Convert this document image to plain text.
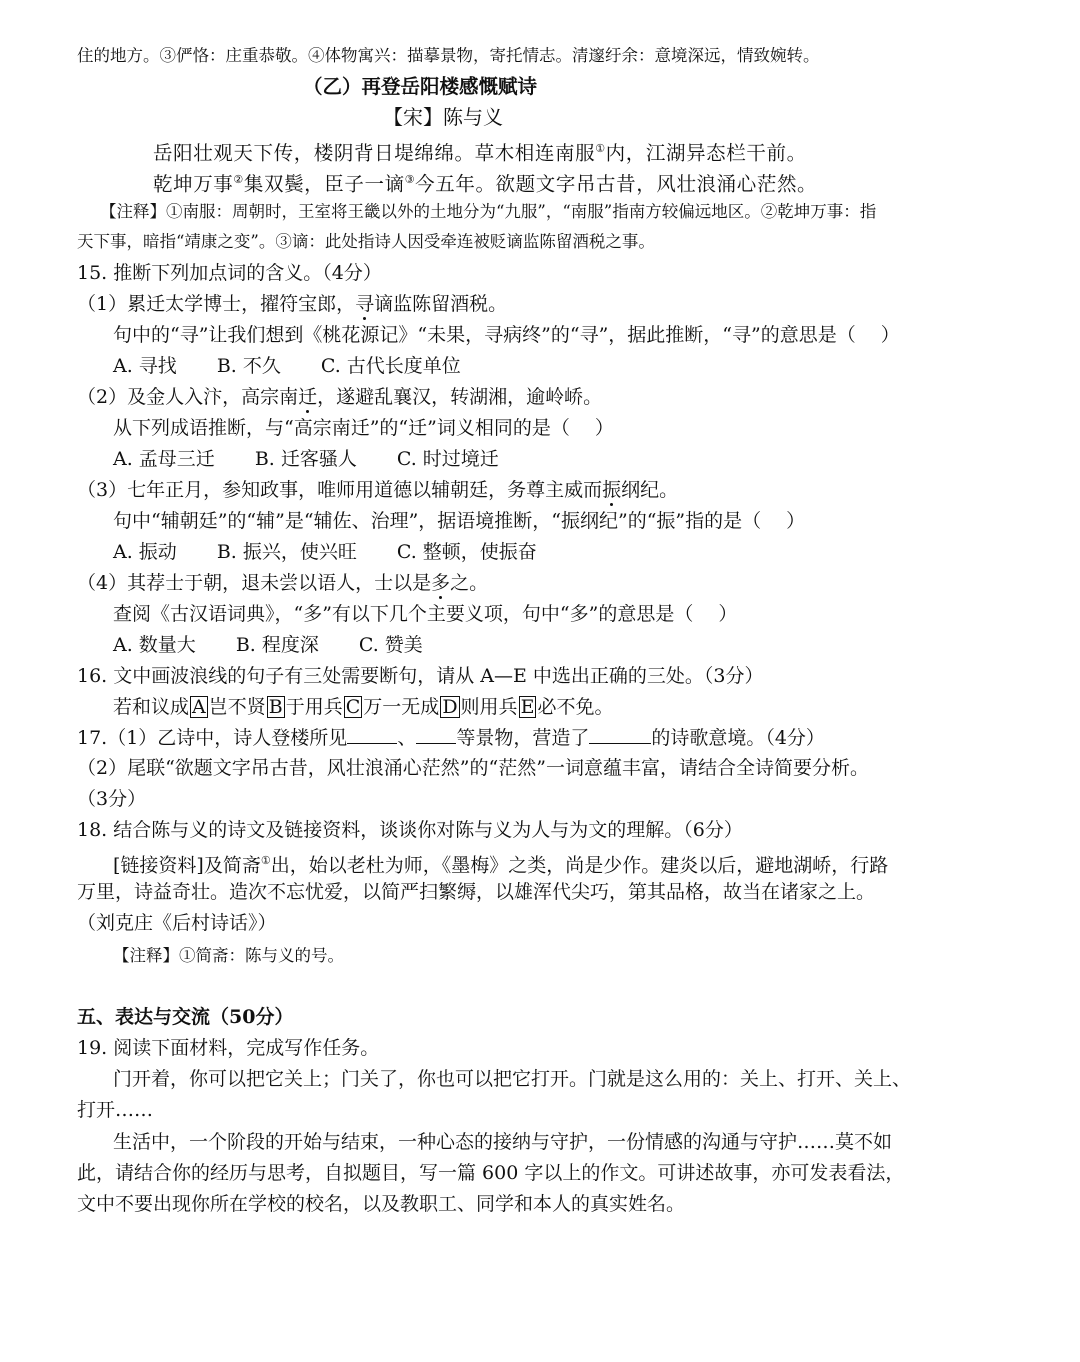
住的地方。③俨恪：庄重恭敬。④体物寓兴：描摹景物，寄托情志。清邃纡余：意境深远，情致婉转。
（乙）再登岳阳楼感慨赋诗
【宋】陈与义
岳阳壮观天下传，楼阴背日堤绵绵。草木相连南服①内，江湖异态栏干前。
乾坤万事②集双鬓，臣子一谪③今五年。欲题文字吊古昔，风壮浪涌心茫然。
【注释】①南服：周朝时，王室将王畿以外的土地分为“九服”，“南服”指南方较偏远地区。②乾坤万事：指
天下事，暗指“靖康之变”。③谪：此处指诗人因受牵连被贬谪监陈留酒税之事。
15. 推断下列加点词的含义。（4分）
（1）累迁太学博士，擢符宝郎，寻谪监陈留酒税。
句中的“寻”让我们想到《桃花源记》“未果，寻病终”的“寻”，据此推断，“寻”的意思是（　 ）
A. 寻找 B. 不久 C. 古代长度单位
（2）及金人入汴，高宗南迁，遂避乱襄汉，转湖湘，逾岭峤。
从下列成语推断，与“高宗南迁”的“迁”词义相同的是（　 ）
A. 孟母三迁 B. 迁客骚人 C. 时过境迁
（3）七年正月，参知政事，唯师用道德以辅朝廷，务尊主威而振纲纪。
句中“辅朝廷”的“辅”是“辅佐、治理”，据语境推断，“振纲纪”的“振”指的是（　 ）
A. 振动 B. 振兴，使兴旺 C. 整顿，使振奋
（4）其荐士于朝，退未尝以语人，士以是多之。
查阅《古汉语词典》，“多”有以下几个主要义项，句中“多”的意思是（　 ）
A. 数量大 B. 程度深 C. 赞美
16. 文中画波浪线的句子有三处需要断句，请从 A—E 中选出正确的三处。（3分）
若和议成 A 岂不贤 B 于用兵 C 万一无成 D 则用兵 E 必不免。
17.（1）乙诗中，诗人登楼所见	、 等景物，营造了	的诗歌意境。（4分）
（2）尾联“欲题文字吊古昔，风壮浪涌心茫然”的“茫然”一词意蕴丰富，请结合全诗简要分析。
（3分）
18. 结合陈与义的诗文及链接资料，谈谈你对陈与义为人与为文的理解。（6分）
[链接资料]及简斋①出，始以老杜为师，《墨梅》之类，尚是少作。建炎以后，避地湖峤，行路
万里，诗益奇壮。造次不忘忧爱，以简严扫繁缛，以雄浑代尖巧，第其品格，故当在诸家之上。
（刘克庄《后村诗话》）
【注释】①简斋：陈与义的号。
五、表达与交流（50分）
19. 阅读下面材料，完成写作任务。
门开着，你可以把它关上；门关了，你也可以把它打开。门就是这么用的：关上、打开、关上、
打开……
生活中，一个阶段的开始与结束，一种心态的接纳与守护，一份情感的沟通与守护……莫不如
此，请结合你的经历与思考，自拟题目，写一篇 600 字以上的作文。可讲述故事，亦可发表看法，
文中不要出现你所在学校的校名，以及教职工、同学和本人的真实姓名。
